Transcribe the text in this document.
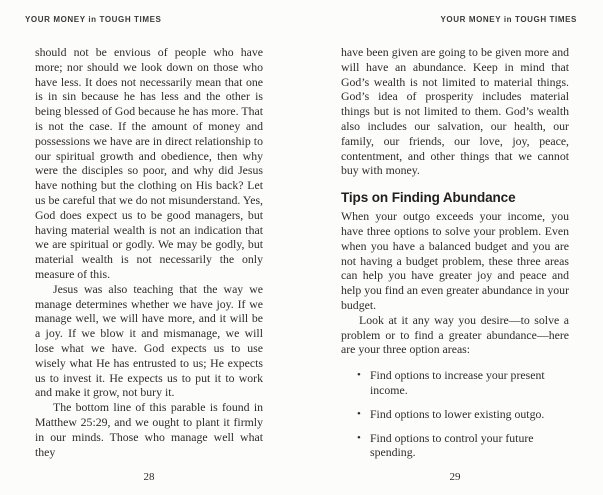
YOUR MONEY in TOUGH TIMES

should not be envious of people who have more; nor should we look down on those who have less. It does not necessarily mean that one is in sin because he has less and the other is being blessed of God because he has more. That is not the case. If the amount of money and possessions we have are in direct relationship to our spiritual growth and obedience, then why were the disciples so poor, and why did Jesus have nothing but the clothing on His back? Let us be careful that we do not misunderstand. Yes, God does expect us to be good managers, but having material wealth is not an indication that we are spiritual or godly. We may be godly, but material wealth is not necessarily the only measure of this.

Jesus was also teaching that the way we manage determines whether we have joy. If we manage well, we will have more, and it will be a joy. If we blow it and mismanage, we will lose what we have. God expects us to use wisely what He has entrusted to us; He expects us to invest it. He expects us to put it to work and make it grow, not bury it.

The bottom line of this parable is found in Matthew 25:29, and we ought to plant it firmly in our minds. Those who manage well what they

28
YOUR MONEY in TOUGH TIMES

have been given are going to be given more and will have an abundance. Keep in mind that God’s wealth is not limited to material things. God’s idea of prosperity includes material things but is not limited to them. God’s wealth also includes our salvation, our health, our family, our friends, our love, joy, peace, contentment, and other things that we cannot buy with money.

Tips on Finding Abundance

When your outgo exceeds your income, you have three options to solve your problem. Even when you have a balanced budget and you are not having a budget problem, these three areas can help you have greater joy and peace and help you find an even greater abundance in your budget.

Look at it any way you desire—to solve a problem or to find a greater abundance—here are your three option areas:

• Find options to increase your present income.
• Find options to lower existing outgo.
• Find options to control your future spending.
29
